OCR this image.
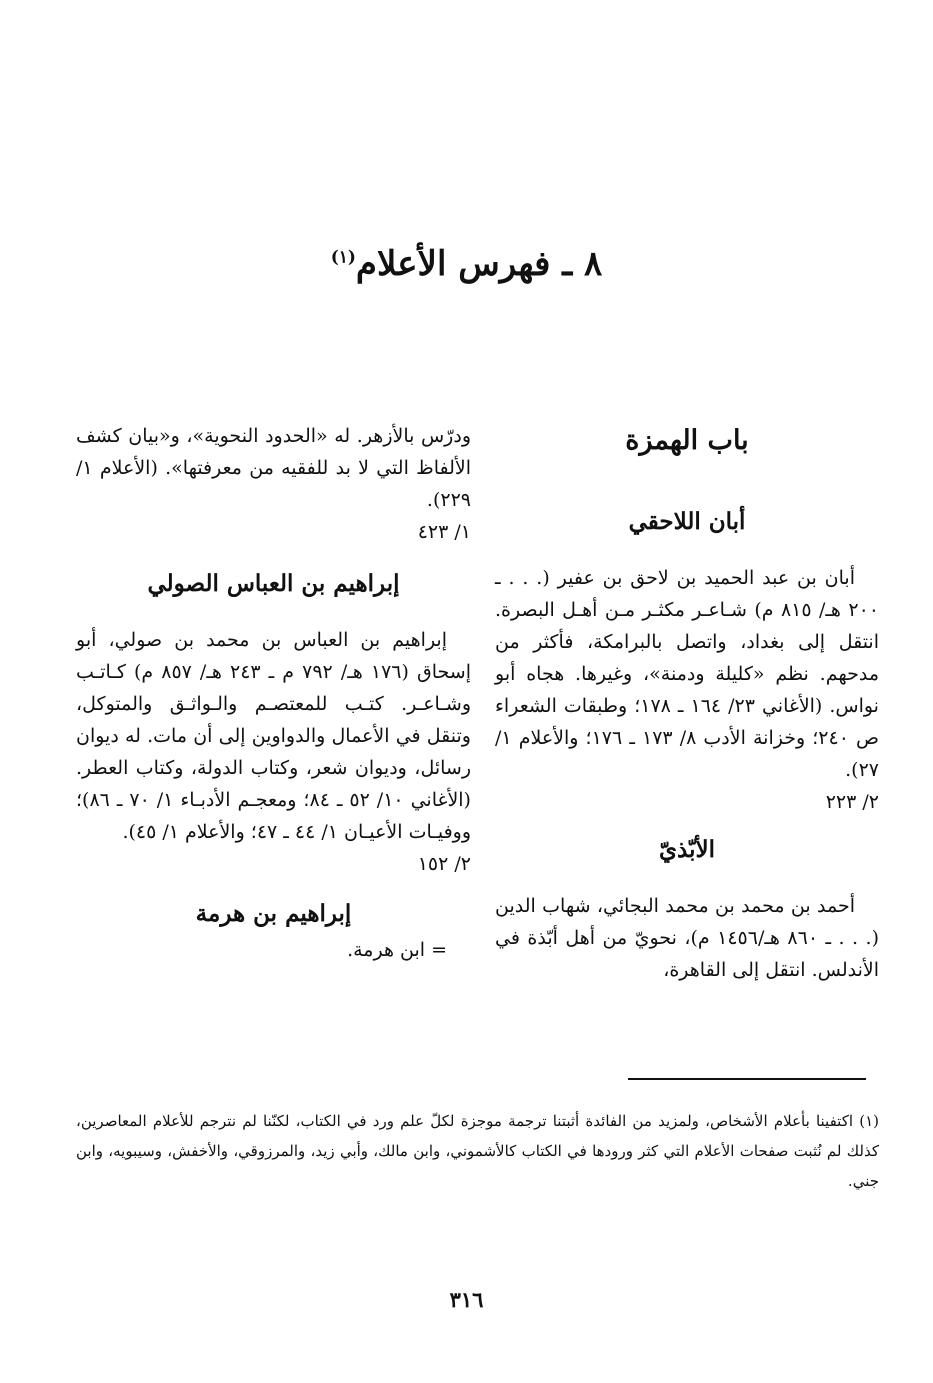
٨ ـ فهرس الأعلام$^{(١)}$
باب الهمزة
أبان اللاحقي

أبان بن عبد الحميد بن لاحق بن عفير (. . . ـ ٢٠٠ هـ/ ٨١٥ م) شـاعـر مكثـر مـن أهـل البصرة. انتقل إلى بغداد، واتصل بالبرامكة، فأكثر من مدحهم. نظم «كليلة ودمنة»، وغيرها. هجاه أبو نواس. (الأغاني ٢٣/ ١٦٤ ـ ١٧٨؛ وطبقات الشعراء ص ٢٤٠؛ وخزانة الأدب ٨/ ١٧٣ ـ ١٧٦؛ والأعلام ١/ ٢٧).

٢/ ٢٢٣

الأبّذيّ

أحمد بن محمد بن محمد البجائي، شهاب الدين (. . . ـ ٨٦٠ هـ/١٤٥٦ م)، نحويّ من أهل أبّذة في الأندلس. انتقل إلى القاهرة،

ودرّس بالأزهر. له «الحدود النحوية»، و«بيان كشف الألفاظ التي لا بد للفقيه من معرفتها». (الأعلام ١/ ٢٢٩).

١/ ٤٢٣

إبراهيم بن العباس الصولي

إبراهيم بن العباس بن محمد بن صولي، أبو إسحاق (١٧٦ هـ/ ٧٩٢ م ـ ٢٤٣ هـ/ ٨٥٧ م) كـاتـب وشـاعـر. كتـب للمعتصـم والـواثـق والمتوكل، وتنقل في الأعمال والدواوين إلى أن مات. له ديوان رسائل، وديوان شعر، وكتاب الدولة، وكتاب العطر. (الأغاني ١٠/ ٥٢ ـ ٨٤؛ ومعجـم الأدبـاء ١/ ٧٠ ـ ٨٦)؛ ووفيـات الأعيـان ١/ ٤٤ ـ ٤٧؛ والأعلام ١/ ٤٥).

٢/ ١٥٢

إبراهيم بن هرمة

= ابن هرمة.

(١) اكتفينا بأعلام الأشخاص، ولمزيد من الفائدة أثبتنا ترجمة موجزة لكلّ علم ورد في الكتاب، لكنّنا لم نترجم للأعلام المعاصرين، كذلك لم نُثبت صفحات الأعلام التي كثر ورودها في الكتاب كالأشموني، وابن مالك، وأبي زيد، والمرزوقي، والأخفش، وسيبويه، وابن جني.

٣١٦
